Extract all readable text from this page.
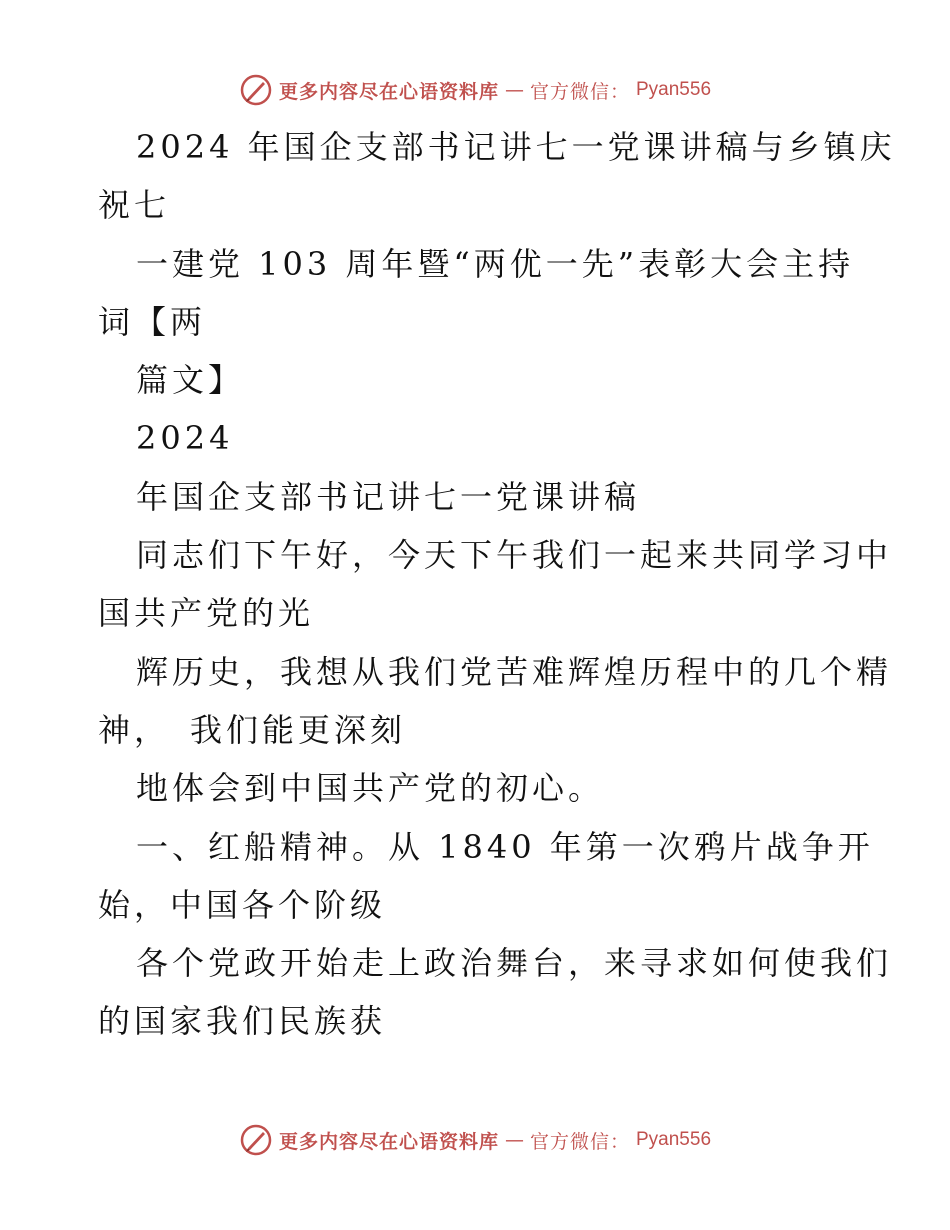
更多内容尽在心语资料库 — 官方微信： Pyan556
2024 年国企支部书记讲七一党课讲稿与乡镇庆
祝七
一建党 103 周年暨“两优一先”表彰大会主持
词【两
篇文】
2024
年国企支部书记讲七一党课讲稿
同志们下午好，今天下午我们一起来共同学习中
国共产党的光
辉历史，我想从我们党苦难辉煌历程中的几个精
神，　我们能更深刻
地体会到中国共产党的初心。
一、红船精神。从 1840 年第一次鸦片战争开
始，中国各个阶级
各个党政开始走上政治舞台，来寻求如何使我们
的国家我们民族获
更多内容尽在心语资料库 — 官方微信： Pyan556
